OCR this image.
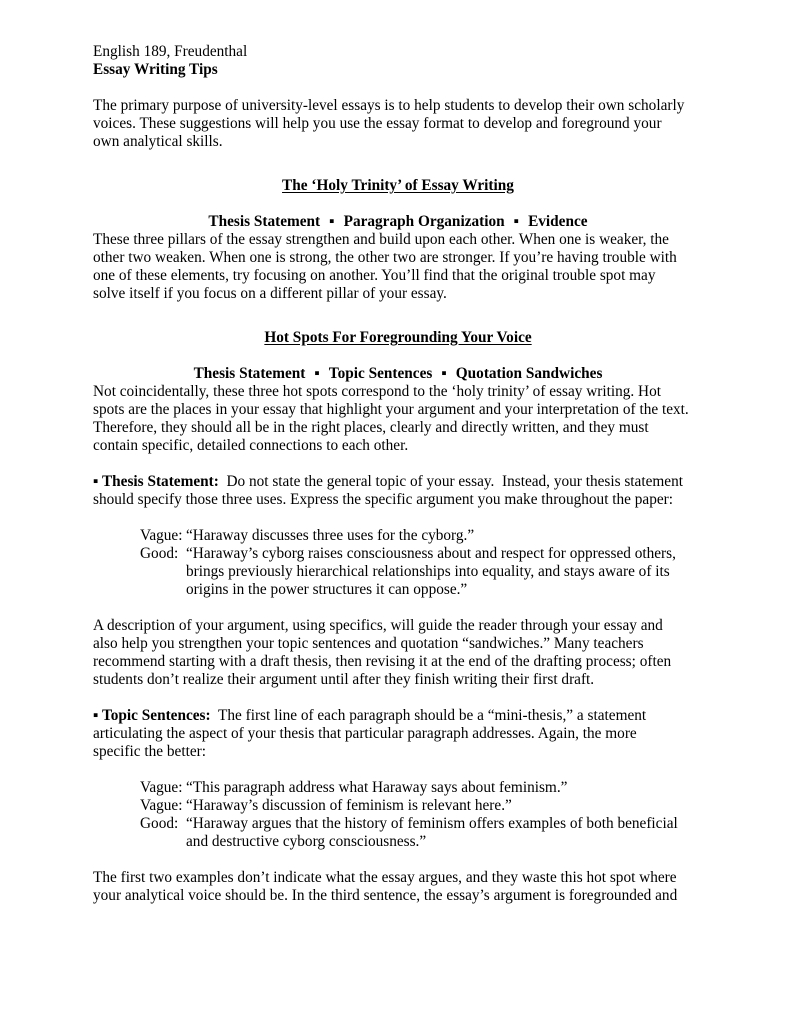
English 189, Freudenthal
Essay Writing Tips
The primary purpose of university-level essays is to help students to develop their own scholarly
voices. These suggestions will help you use the essay format to develop and foreground your
own analytical skills.
The ‘Holy Trinity’ of Essay Writing
Thesis Statement ▪ Paragraph Organization ▪ Evidence
These three pillars of the essay strengthen and build upon each other. When one is weaker, the
other two weaken. When one is strong, the other two are stronger. If you’re having trouble with
one of these elements, try focusing on another. You’ll find that the original trouble spot may
solve itself if you focus on a different pillar of your essay.
Hot Spots For Foregrounding Your Voice
Thesis Statement ▪ Topic Sentences ▪ Quotation Sandwiches
Not coincidentally, these three hot spots correspond to the ‘holy trinity’ of essay writing. Hot
spots are the places in your essay that highlight your argument and your interpretation of the text.
Therefore, they should all be in the right places, clearly and directly written, and they must
contain specific, detailed connections to each other.
▪ Thesis Statement:  Do not state the general topic of your essay.  Instead, your thesis statement
should specify those three uses. Express the specific argument you make throughout the paper:
Vague: “Haraway discusses three uses for the cyborg.”
Good: “Haraway’s cyborg raises consciousness about and respect for oppressed others,
brings previously hierarchical relationships into equality, and stays aware of its
origins in the power structures it can oppose.”
A description of your argument, using specifics, will guide the reader through your essay and
also help you strengthen your topic sentences and quotation “sandwiches.” Many teachers
recommend starting with a draft thesis, then revising it at the end of the drafting process; often
students don’t realize their argument until after they finish writing their first draft.
▪ Topic Sentences:  The first line of each paragraph should be a “mini-thesis,” a statement
articulating the aspect of your thesis that particular paragraph addresses. Again, the more
specific the better:
Vague: “This paragraph address what Haraway says about feminism.”
Vague: “Haraway’s discussion of feminism is relevant here.”
Good: “Haraway argues that the history of feminism offers examples of both beneficial
and destructive cyborg consciousness.”
The first two examples don’t indicate what the essay argues, and they waste this hot spot where
your analytical voice should be. In the third sentence, the essay’s argument is foregrounded and
